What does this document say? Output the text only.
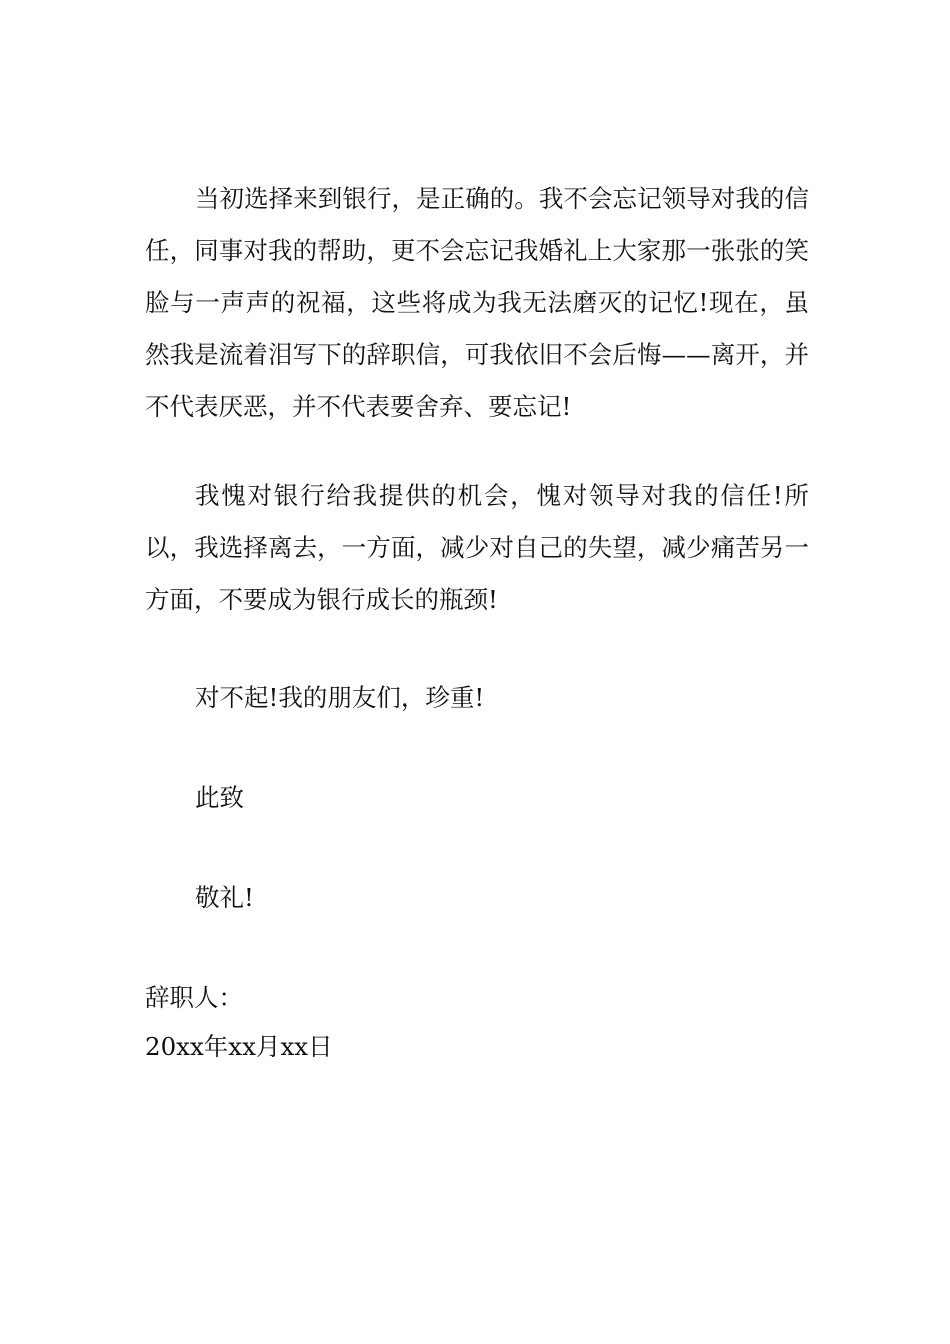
当初选择来到银行，是正确的。我不会忘记领导对我的信任，同事对我的帮助，更不会忘记我婚礼上大家那一张张的笑脸与一声声的祝福，这些将成为我无法磨灭的记忆!现在，虽然我是流着泪写下的辞职信，可我依旧不会后悔——离开，并不代表厌恶，并不代表要舍弃、要忘记!

我愧对银行给我提供的机会，愧对领导对我的信任!所以，我选择离去，一方面，减少对自己的失望，减少痛苦另一方面，不要成为银行成长的瓶颈!

对不起!我的朋友们，珍重!

此致

敬礼!

辞职人：

20xx年xx月xx日
